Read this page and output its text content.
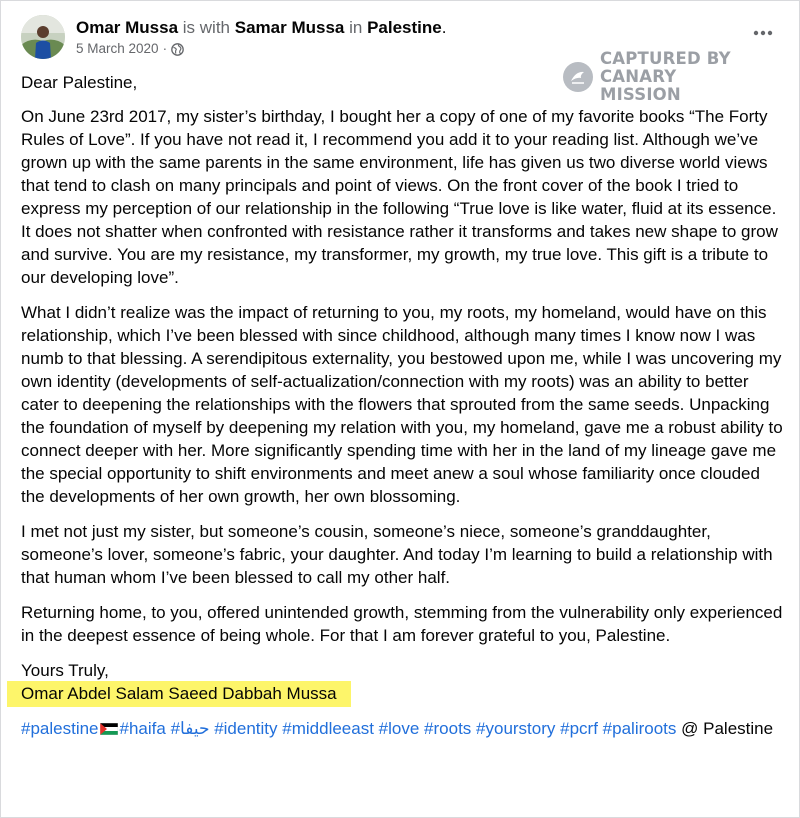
Omar Mussa is with Samar Mussa in Palestine.
5 March 2020 ·
CAPTURED BY
CANARY MISSION

Dear Palestine,

On June 23rd 2017, my sister’s birthday, I bought her a copy of one of my favorite books “The Forty Rules of Love”. If you have not read it, I recommend you add it to your reading list. Although we’ve grown up with the same parents in the same environment, life has given us two diverse world views that tend to clash on many principals and point of views. On the front cover of the book I tried to express my perception of our relationship in the following “True love is like water, fluid at its essence. It does not shatter when confronted with resistance rather it transforms and takes new shape to grow and survive. You are my resistance, my transformer, my growth, my true love. This gift is a tribute to our developing love”.

What I didn’t realize was the impact of returning to you, my roots, my homeland, would have on this relationship, which I’ve been blessed with since childhood, although many times I know now I was numb to that blessing. A serendipitous externality, you bestowed upon me, while I was uncovering my own identity (developments of self-actualization/connection with my roots) was an ability to better cater to deepening the relationships with the flowers that sprouted from the same seeds. Unpacking the foundation of myself by deepening my relation with you, my homeland, gave me a robust ability to connect deeper with her. More significantly spending time with her in the land of my lineage gave me the special opportunity to shift environments and meet anew a soul whose familiarity once clouded the developments of her own growth, her own blossoming.

I met not just my sister, but someone’s cousin, someone’s niece, someone’s granddaughter, someone’s lover, someone’s fabric, your daughter. And today I’m learning to build a relationship with that human whom I’ve been blessed to call my other half.

Returning home, to you, offered unintended growth, stemming from the vulnerability only experienced in the deepest essence of being whole. For that I am forever grateful to you, Palestine.

Yours Truly,

Omar Abdel Salam Saeed Dabbah Mussa

#palestine #haifa #حيفا #identity #middleeast #love #roots #yourstory #pcrf #paliroots @ Palestine
